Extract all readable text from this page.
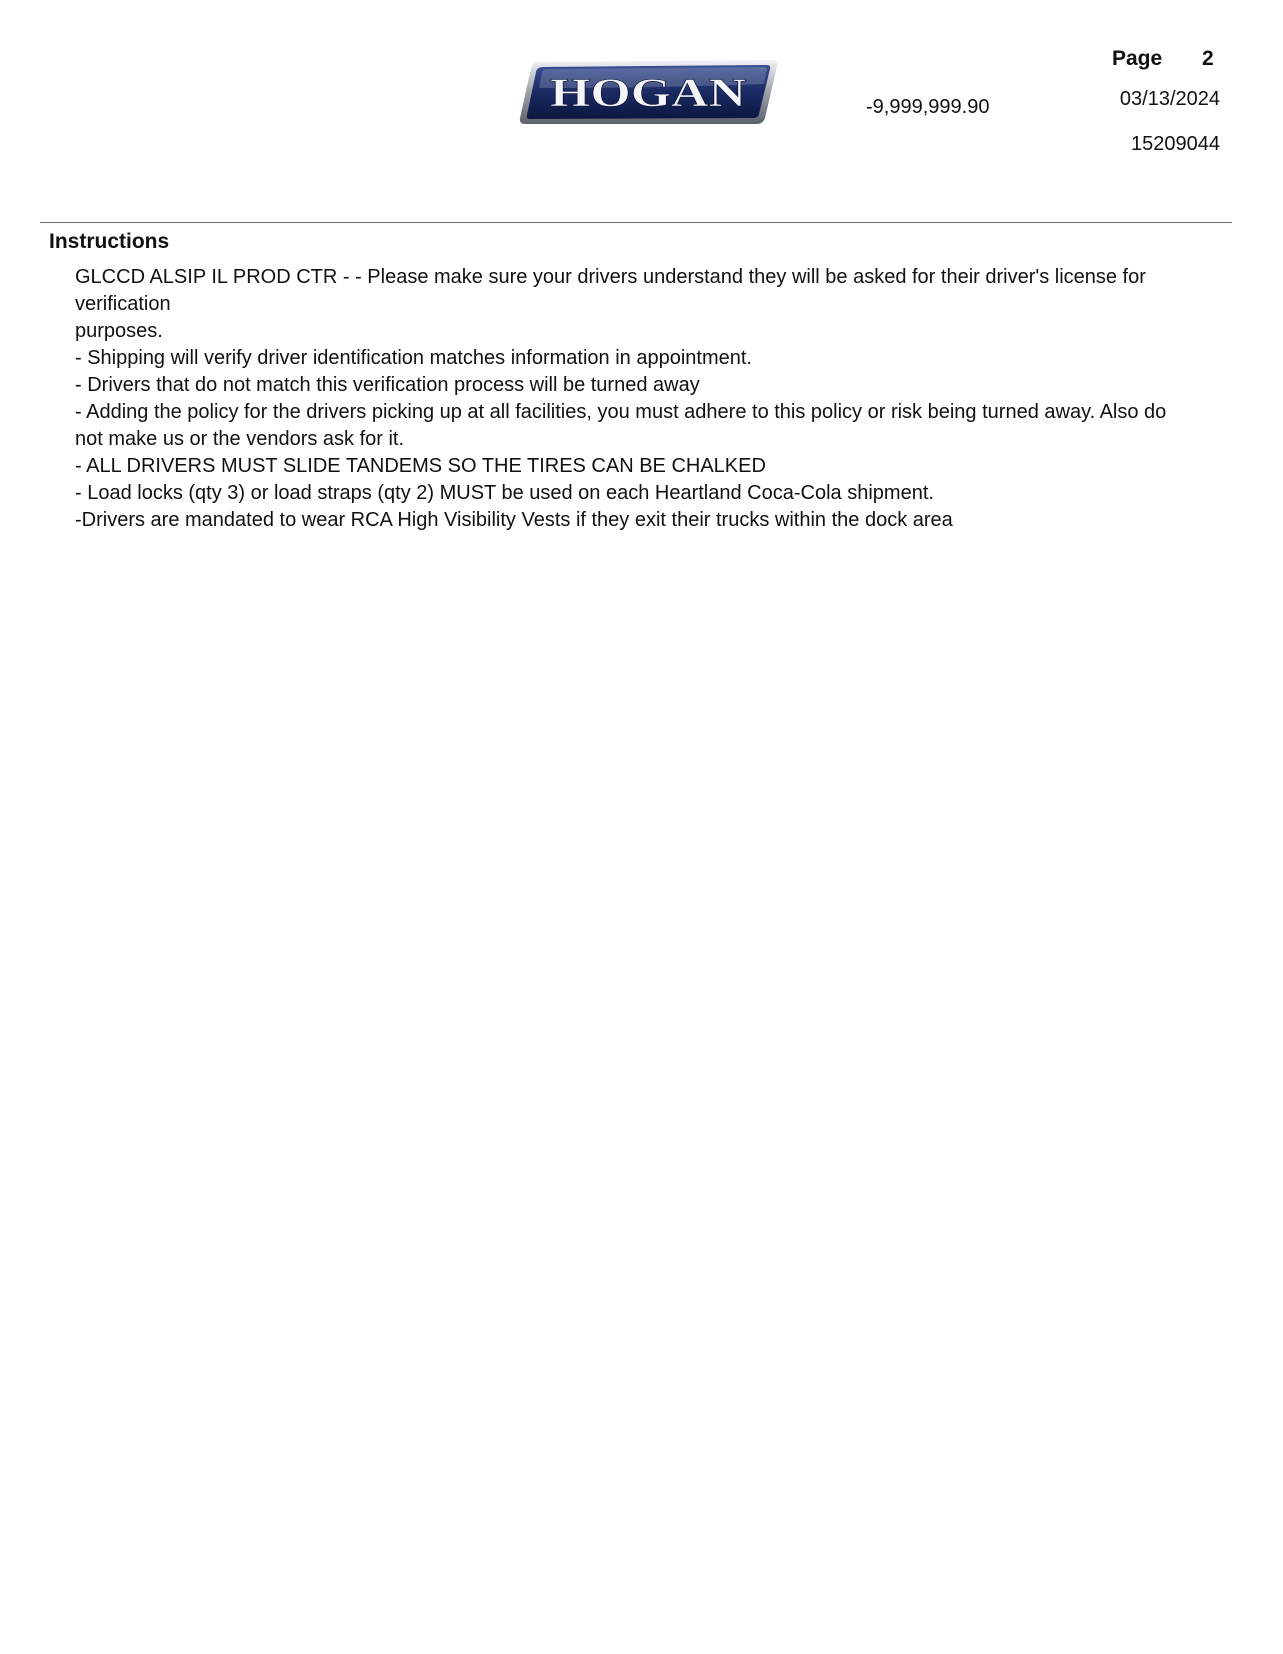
HOGAN	-9,999,999.90
Page 2
03/13/2024
15209044
Instructions
GLCCD ALSIP IL PROD CTR - - Please make sure your drivers understand they will be asked for their driver's license for verification
purposes.
- Shipping will verify driver identification matches information in appointment.
- Drivers that do not match this verification process will be turned away
- Adding the policy for the drivers picking up at all facilities, you must adhere to this policy or risk being turned away. Also do not make us or the vendors ask for it.
- ALL DRIVERS MUST SLIDE TANDEMS SO THE TIRES CAN BE CHALKED
- Load locks (qty 3) or load straps (qty 2) MUST be used on each Heartland Coca-Cola shipment.
-Drivers are mandated to wear RCA High Visibility Vests if they exit their trucks within the dock area
